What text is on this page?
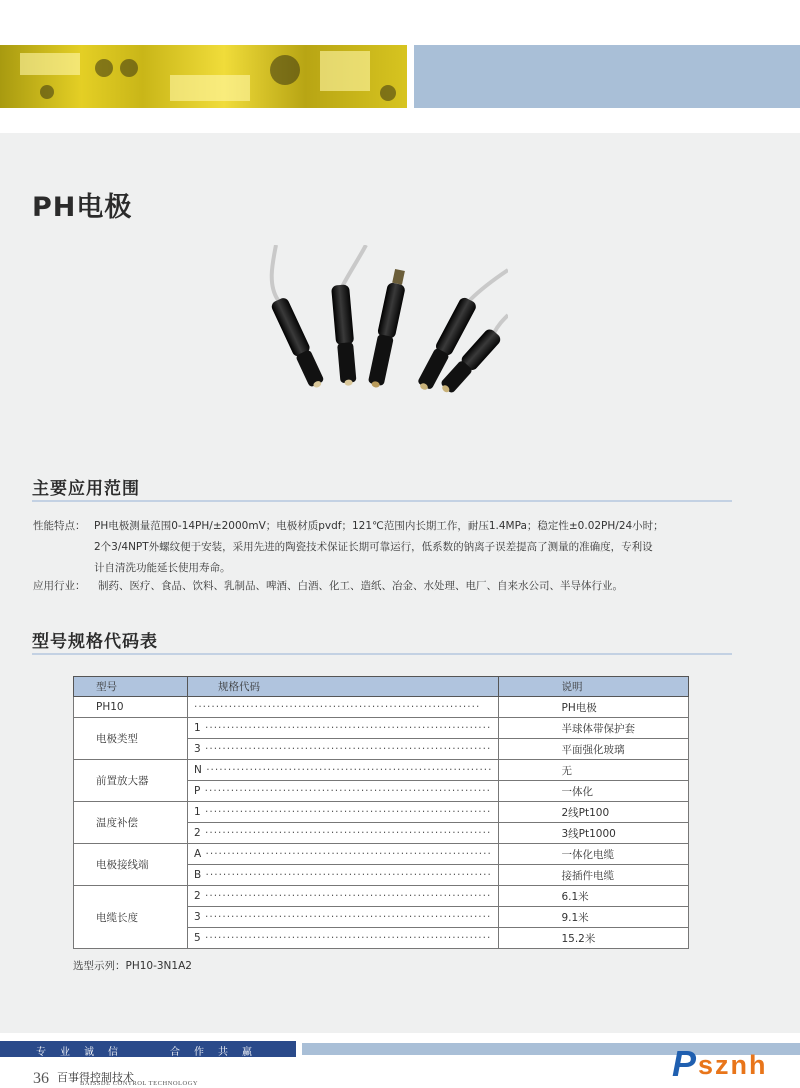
PH电极
主要应用范围
性能特点： PH电极测量范围0-14PH/±2000mV；电极材质pvdf；121℃范围内长期工作，耐压1.4MPa；稳定性±0.02PH/24小时；
2个3/4NPT外螺纹便于安装，采用先进的陶瓷技术保证长期可靠运行，低系数的钠离子误差提高了测量的准确度，专利设
计自清洗功能延长使用寿命。
应用行业： 制药、医疗、食品、饮料、乳制品、啤酒、白酒、化工、造纸、冶金、水处理、电厂、自来水公司、半导体行业。
型号规格代码表
型号	规格代码	说明
PH10	··································································	PH电极
电极类型	1 ··································································	半球体带保护套
	3 ··································································	平面强化玻璃
前置放大器	N ··································································	无
	P ··································································	一体化
温度补偿	1 ··································································	2线Pt100
	2 ··································································	3线Pt1000
电极接线端	A ··································································	一体化电缆
	B ··································································	接插件电缆
电缆长度	2 ··································································	6.1米
	3 ··································································	9.1米
	5 ··································································	15.2米
选型示列：PH10-3N1A2
专业诚信	合作共赢
36 百事得控制技术
BAISSDE CONTROL TECHNOLOGY	P sznh
